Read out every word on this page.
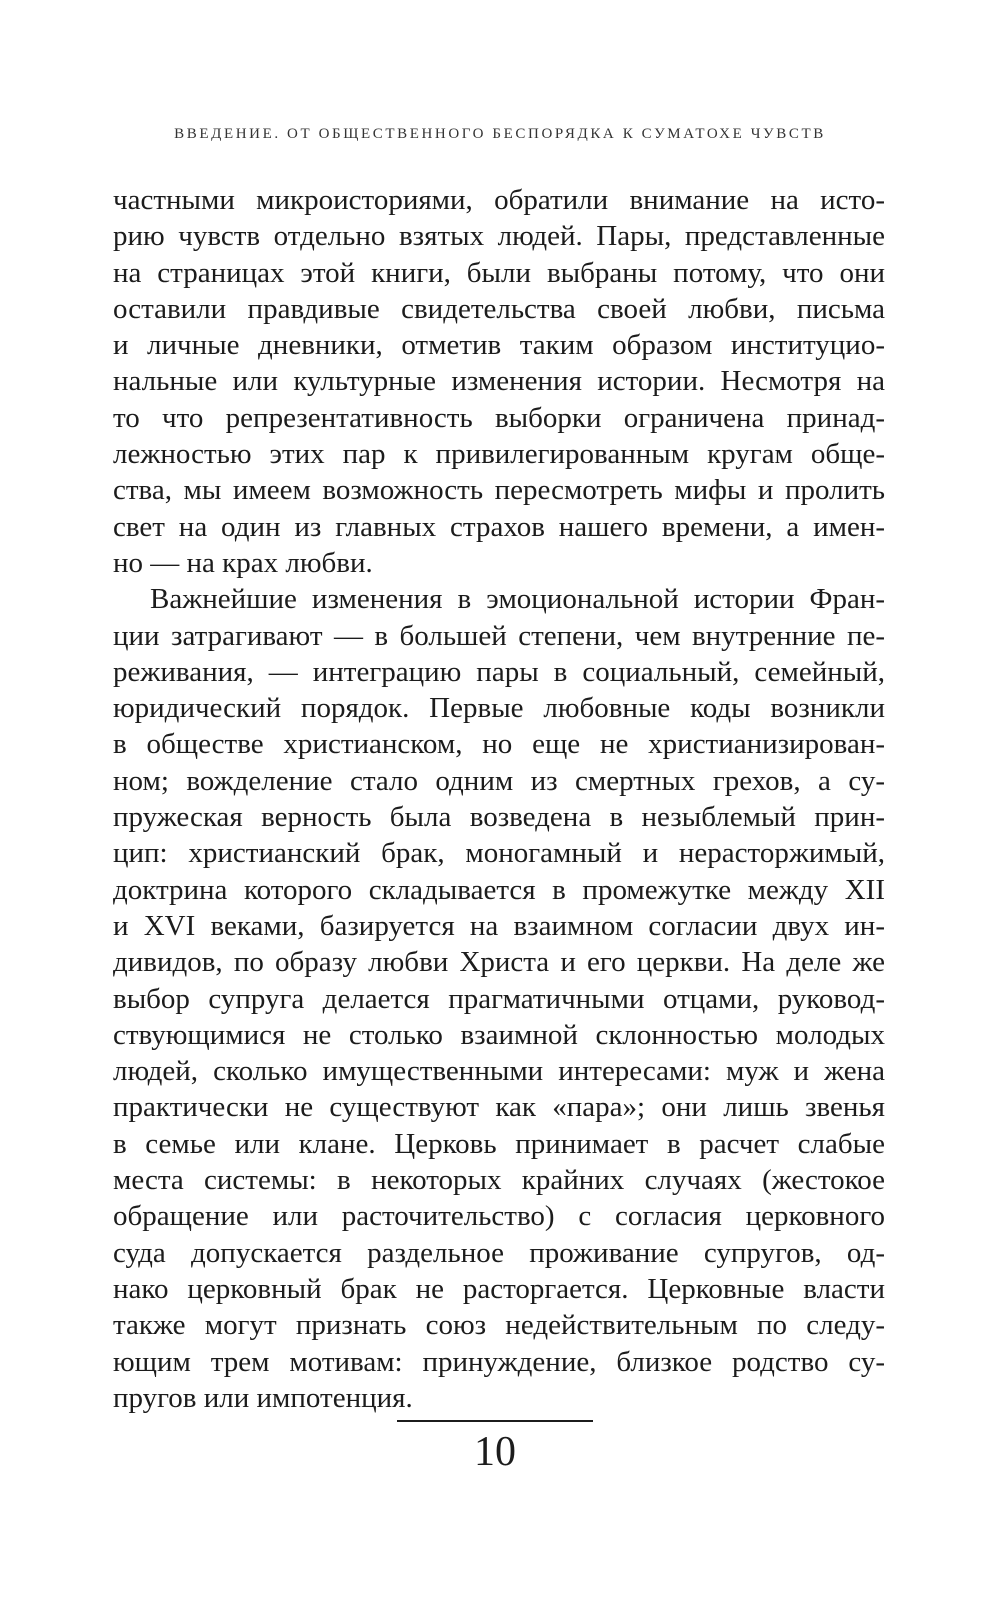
ВВЕДЕНИЕ. ОТ ОБЩЕСТВЕННОГО БЕСПОРЯДКА К СУМАТОХЕ ЧУВСТВ
частными микроисториями, обратили внимание на исто-
рию чувств отдельно взятых людей. Пары, представленные
на страницах этой книги, были выбраны потому, что они
оставили правдивые свидетельства своей любви, письма
и личные дневники, отметив таким образом институцио-
нальные или культурные изменения истории. Несмотря на
то что репрезентативность выборки ограничена принад-
лежностью этих пар к привилегированным кругам обще-
ства, мы имеем возможность пересмотреть мифы и пролить
свет на один из главных страхов нашего времени, а имен-
но — на крах любви.
Важнейшие изменения в эмоциональной истории Фран-
ции затрагивают — в большей степени, чем внутренние пе-
реживания, — интеграцию пары в социальный, семейный,
юридический порядок. Первые любовные коды возникли
в обществе христианском, но еще не христианизирован-
ном; вожделение стало одним из смертных грехов, а су-
пружеская верность была возведена в незыблемый прин-
цип: христианский брак, моногамный и нерасторжимый,
доктрина которого складывается в промежутке между XII
и XVI веками, базируется на взаимном согласии двух ин-
дивидов, по образу любви Христа и его церкви. На деле же
выбор супруга делается прагматичными отцами, руковод-
ствующимися не столько взаимной склонностью молодых
людей, сколько имущественными интересами: муж и жена
практически не существуют как «пара»; они лишь звенья
в семье или клане. Церковь принимает в расчет слабые
места системы: в некоторых крайних случаях (жестокое
обращение или расточительство) с согласия церковного
суда допускается раздельное проживание супругов, од-
нако церковный брак не расторгается. Церковные власти
также могут признать союз недействительным по следу-
ющим трем мотивам: принуждение, близкое родство су-
пругов или импотенция.
10
